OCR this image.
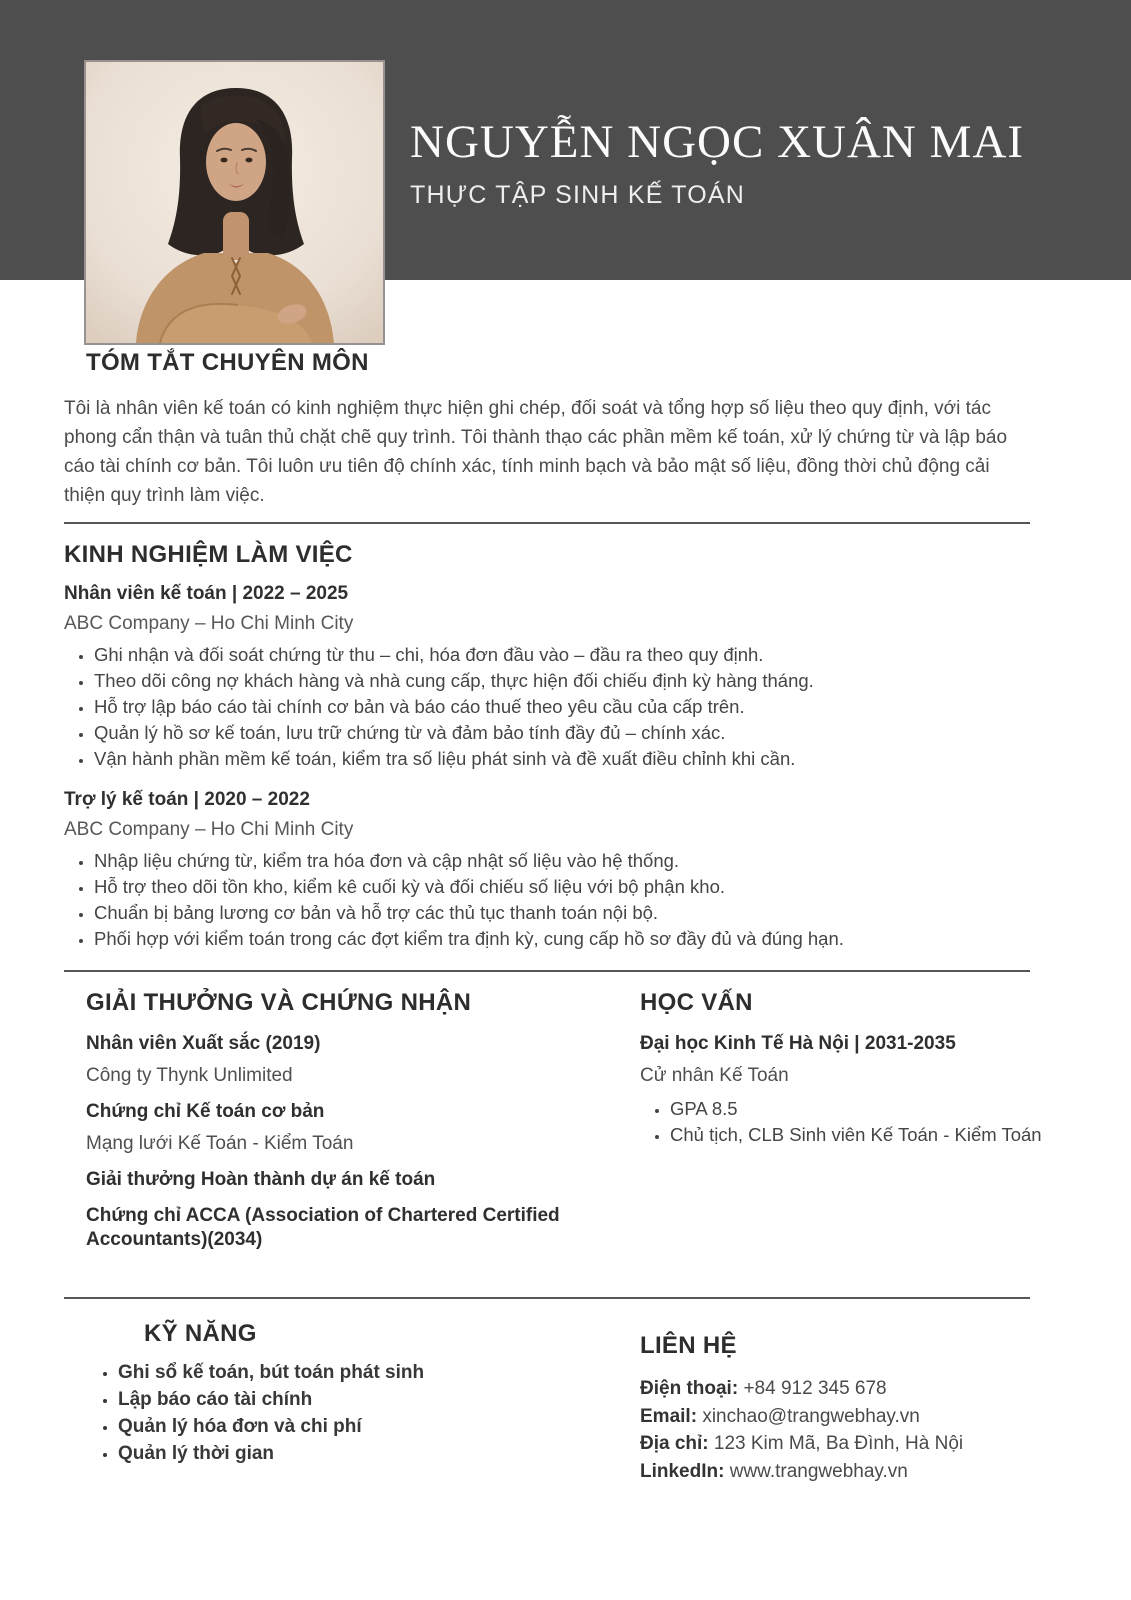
NGUYỄN NGỌC XUÂN MAI
THỰC TẬP SINH KẾ TOÁN
TÓM TẮT CHUYÊN MÔN

Tôi là nhân viên kế toán có kinh nghiệm thực hiện ghi chép, đối soát và tổng hợp số liệu theo quy định, với tác phong cẩn thận và tuân thủ chặt chẽ quy trình. Tôi thành thạo các phần mềm kế toán, xử lý chứng từ và lập báo cáo tài chính cơ bản. Tôi luôn ưu tiên độ chính xác, tính minh bạch và bảo mật số liệu, đồng thời chủ động cải thiện quy trình làm việc.

KINH NGHIỆM LÀM VIỆC
Nhân viên kế toán | 2022 – 2025
ABC Company – Ho Chi Minh City
• Ghi nhận và đối soát chứng từ thu – chi, hóa đơn đầu vào – đầu ra theo quy định.
• Theo dõi công nợ khách hàng và nhà cung cấp, thực hiện đối chiếu định kỳ hàng tháng.
• Hỗ trợ lập báo cáo tài chính cơ bản và báo cáo thuế theo yêu cầu của cấp trên.
• Quản lý hồ sơ kế toán, lưu trữ chứng từ và đảm bảo tính đầy đủ – chính xác.
• Vận hành phần mềm kế toán, kiểm tra số liệu phát sinh và đề xuất điều chỉnh khi cần.
Trợ lý kế toán | 2020 – 2022
ABC Company – Ho Chi Minh City
• Nhập liệu chứng từ, kiểm tra hóa đơn và cập nhật số liệu vào hệ thống.
• Hỗ trợ theo dõi tồn kho, kiểm kê cuối kỳ và đối chiếu số liệu với bộ phận kho.
• Chuẩn bị bảng lương cơ bản và hỗ trợ các thủ tục thanh toán nội bộ.
• Phối hợp với kiểm toán trong các đợt kiểm tra định kỳ, cung cấp hồ sơ đầy đủ và đúng hạn.
GIẢI THƯỞNG VÀ CHỨNG NHẬN
Nhân viên Xuất sắc (2019)
Công ty Thynk Unlimited
Chứng chỉ Kế toán cơ bản
Mạng lưới Kế Toán - Kiểm Toán
Giải thưởng Hoàn thành dự án kế toán
Chứng chỉ ACCA (Association of Chartered Certified Accountants)(2034)
HỌC VẤN
Đại học Kinh Tế Hà Nội | 2031-2035
Cử nhân Kế Toán
• GPA 8.5
• Chủ tịch, CLB Sinh viên Kế Toán - Kiểm Toán
KỸ NĂNG
• Ghi sổ kế toán, bút toán phát sinh
• Lập báo cáo tài chính
• Quản lý hóa đơn và chi phí
• Quản lý thời gian
LIÊN HỆ
Điện thoại: +84 912 345 678
Email: xinchao@trangwebhay.vn
Địa chỉ: 123 Kim Mã, Ba Đình, Hà Nội
LinkedIn: www.trangwebhay.vn
